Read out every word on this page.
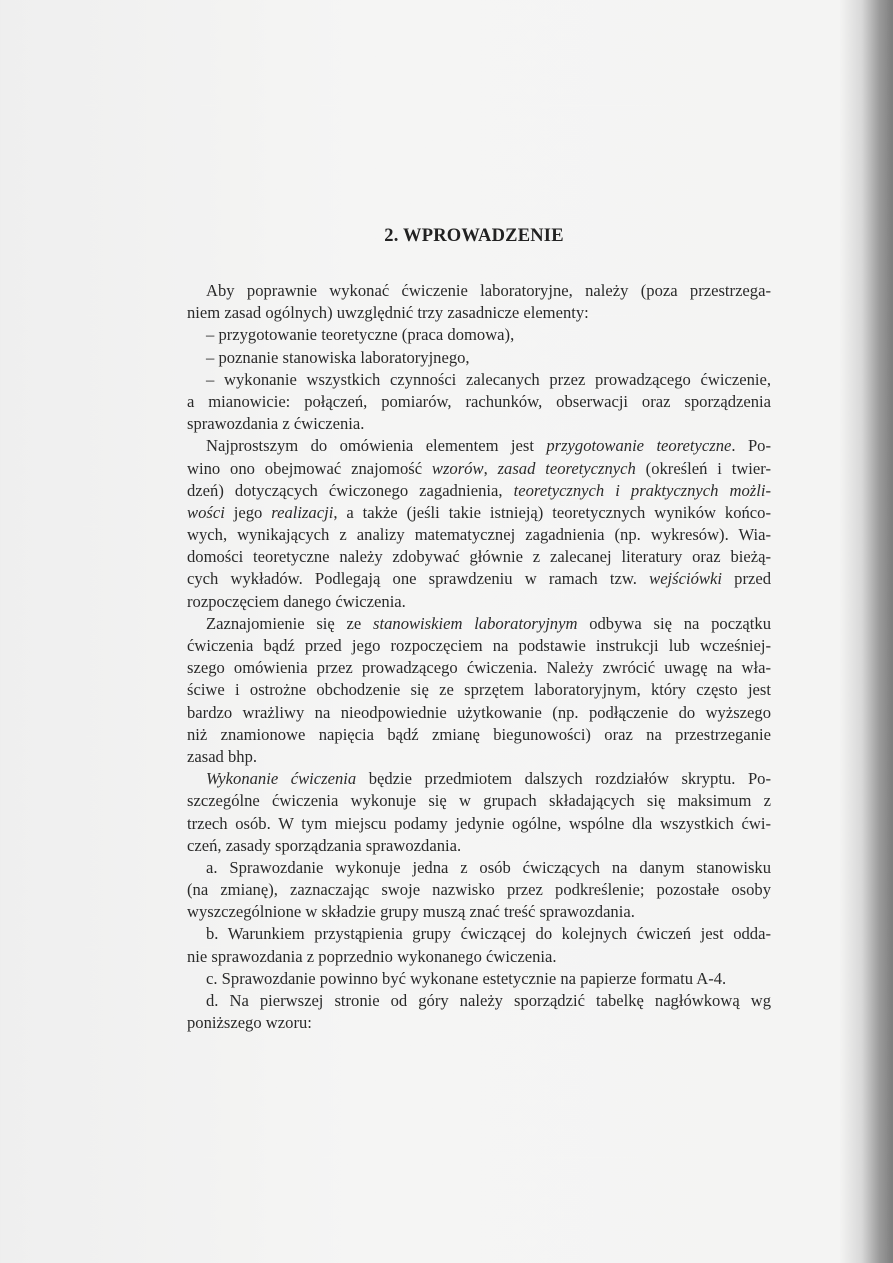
2. WPROWADZENIE
Aby poprawnie wykonać ćwiczenie laboratoryjne, należy (poza przestrzega-
niem zasad ogólnych) uwzględnić trzy zasadnicze elementy:
– przygotowanie teoretyczne (praca domowa),
– poznanie stanowiska laboratoryjnego,
– wykonanie wszystkich czynności zalecanych przez prowadzącego ćwiczenie,
a mianowicie: połączeń, pomiarów, rachunków, obserwacji oraz sporządzenia
sprawozdania z ćwiczenia.
Najprostszym do omówienia elementem jest przygotowanie teoretyczne. Po-
wino ono obejmować znajomość wzorów, zasad teoretycznych (określeń i twier-
dzeń) dotyczących ćwiczonego zagadnienia, teoretycznych i praktycznych możli-
wości jego realizacji, a także (jeśli takie istnieją) teoretycznych wyników końco-
wych, wynikających z analizy matematycznej zagadnienia (np. wykresów). Wia-
domości teoretyczne należy zdobywać głównie z zalecanej literatury oraz bieżą-
cych wykładów. Podlegają one sprawdzeniu w ramach tzw. wejściówki przed
rozpoczęciem danego ćwiczenia.
Zaznajomienie się ze stanowiskiem laboratoryjnym odbywa się na początku
ćwiczenia bądź przed jego rozpoczęciem na podstawie instrukcji lub wcześniej-
szego omówienia przez prowadzącego ćwiczenia. Należy zwrócić uwagę na wła-
ściwe i ostrożne obchodzenie się ze sprzętem laboratoryjnym, który często jest
bardzo wrażliwy na nieodpowiednie użytkowanie (np. podłączenie do wyższego
niż znamionowe napięcia bądź zmianę biegunowości) oraz na przestrzeganie
zasad bhp.
Wykonanie ćwiczenia będzie przedmiotem dalszych rozdziałów skryptu. Po-
szczególne ćwiczenia wykonuje się w grupach składających się maksimum z
trzech osób. W tym miejscu podamy jedynie ogólne, wspólne dla wszystkich ćwi-
czeń, zasady sporządzania sprawozdania.
a. Sprawozdanie wykonuje jedna z osób ćwiczących na danym stanowisku
(na zmianę), zaznaczając swoje nazwisko przez podkreślenie; pozostałe osoby
wyszczególnione w składzie grupy muszą znać treść sprawozdania.
b. Warunkiem przystąpienia grupy ćwiczącej do kolejnych ćwiczeń jest odda-
nie sprawozdania z poprzednio wykonanego ćwiczenia.
c. Sprawozdanie powinno być wykonane estetycznie na papierze formatu A-4.
d. Na pierwszej stronie od góry należy sporządzić tabelkę nagłówkową wg
poniższego wzoru:
